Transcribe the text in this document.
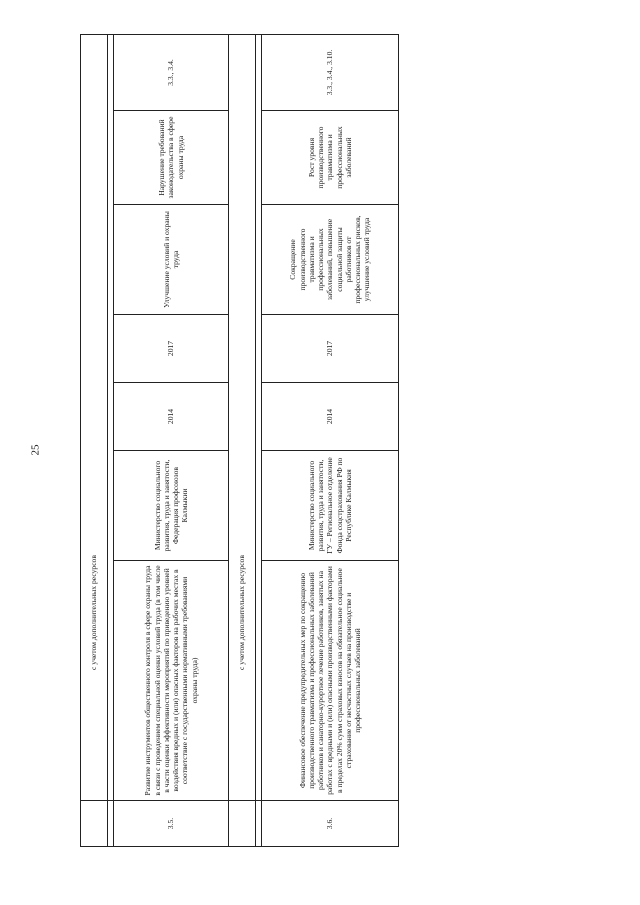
25
	с учетом дополнительных ресурсов						

3.5.	Развитие инструментов общественного контроля в сфере охраны труда в связи с проведением специальной оценки условий труда (в том числе в части оценки эффективности мероприятий по приведению уровней воздействия вредных и (или) опасных факторов на рабочих местах в соответствие с государственными нормативными требованиями охраны труда)	Министерство социального развития, труда и занятости, Федерация профсоюзов Калмыкии	2014	2017	Улучшение условий и охраны труда	Нарушение требований законодательства в сфере охраны труда	3.3., 3.4.
	с учетом дополнительных ресурсов						

3.6.	Финансовое обеспечение предупредительных мер по сокращению производственного травматизма и профессиональных заболеваний работников и санаторно-курортное лечение работников, занятых на работах с вредными и (или) опасными производственными факторами в пределах 20% сумм страховых взносов на обязательное социальное страхование от несчастных случаев на производстве и профессиональных заболеваний	Министерство социального развития, труда и занятости, ГУ – Региональное отделение Фонда соцстрахования РФ по Республике Калмыкия	2014	2017	Сокращение производственного травматизма и профессиональных заболеваний, повышение социальной защиты работников от профессиональных рисков, улучшение условий труда	Рост уровня производственного травматизма и профессиональных заболеваний	3.3., 3.4., 3.10.
